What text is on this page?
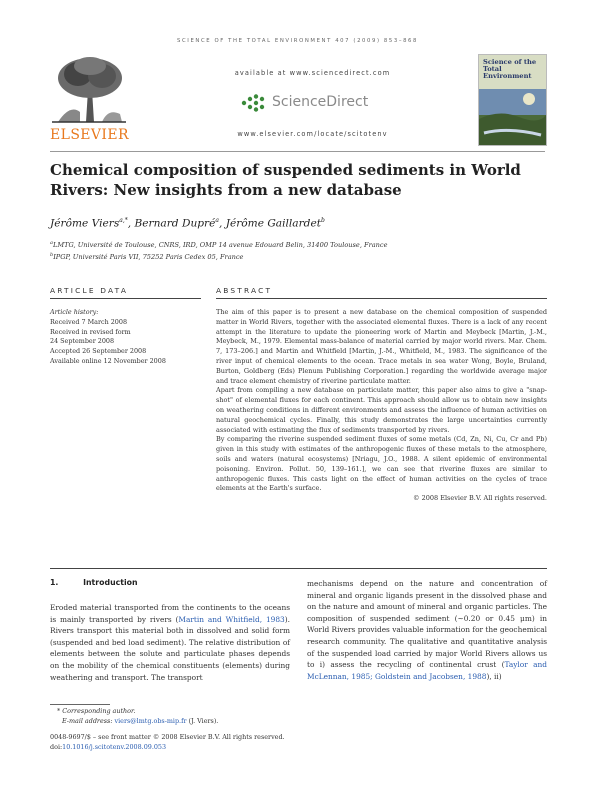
SCIENCE OF THE TOTAL ENVIRONMENT 407 (2009) 853–868
ELSEVIER
available at www.sciencedirect.com
ScienceDirect
www.elsevier.com/locate/scitotenv
Science of the Total Environment
Chemical composition of suspended sediments in World Rivers: New insights from a new database
Jérôme Viers$^{a,*}$, Bernard Dupré$^a$, Jérôme Gaillardet$^b$
$^a$LMTG, Université de Toulouse, CNRS, IRD, OMP 14 avenue Edouard Belin, 31400 Toulouse, France
$^b$IPGP, Université Paris VII, 75252 Paris Cedex 05, France
ARTICLE DATA
Article history:
Received 7 March 2008
Received in revised form
24 September 2008
Accepted 26 September 2008
Available online 12 November 2008
ABSTRACT

The aim of this paper is to present a new database on the chemical composition of suspended matter in World Rivers, together with the associated elemental fluxes. There is a lack of any recent attempt in the literature to update the pioneering work of Martin and Meybeck [Martin, J.-M., Meybeck, M., 1979. Elemental mass-balance of material carried by major world rivers. Mar. Chem. 7, 173–206.] and Martin and Whitfield [Martin, J.-M., Whitfield, M., 1983. The significance of the river input of chemical elements to the ocean. Trace metals in sea water Wong, Boyle, Bruland, Burton, Goldberg (Eds) Plenum Publishing Corporation.] regarding the worldwide average major and trace element chemistry of riverine particulate matter.

Apart from compiling a new database on particulate matter, this paper also aims to give a "snap-shot" of elemental fluxes for each continent. This approach should allow us to obtain new insights on weathering conditions in different environments and assess the influence of human activities on natural geochemical cycles. Finally, this study demonstrates the large uncertainties currently associated with estimating the flux of sediments transported by rivers.

By comparing the riverine suspended sediment fluxes of some metals (Cd, Zn, Ni, Cu, Cr and Pb) given in this study with estimates of the anthropogenic fluxes of these metals to the atmosphere, soils and waters (natural ecosystems) [Nriagu, J.O., 1988. A silent epidemic of environmental poisoning. Environ. Pollut. 50, 139–161.], we can see that riverine fluxes are similar to anthropogenic fluxes. This casts light on the effect of human activities on the cycles of trace elements at the Earth's surface.

© 2008 Elsevier B.V. All rights reserved.

1.	Introduction

Eroded material transported from the continents to the oceans is mainly transported by rivers (Martin and Whitfield, 1983). Rivers transport this material both in dissolved and solid form (suspended and bed load sediment). The relative distribution of elements between the solute and particulate phases depends on the mobility of the chemical constituents (elements) during weathering and transport. The transport

mechanisms depend on the nature and concentration of mineral and organic ligands present in the dissolved phase and on the nature and amount of mineral and organic particles. The composition of suspended sediment (~0.20 or 0.45 μm) in World Rivers provides valuable information for the geochemical research community. The qualitative and quantitative analysis of the suspended load carried by major World Rivers allows us to i) assess the recycling of continental crust (Taylor and McLennan, 1985; Goldstein and Jacobsen, 1988), ii)

* Corresponding author.
E-mail address: viers@lmtg.obs-mip.fr (J. Viers).
0048-9697/$ – see front matter © 2008 Elsevier B.V. All rights reserved.
doi:10.1016/j.scitotenv.2008.09.053
